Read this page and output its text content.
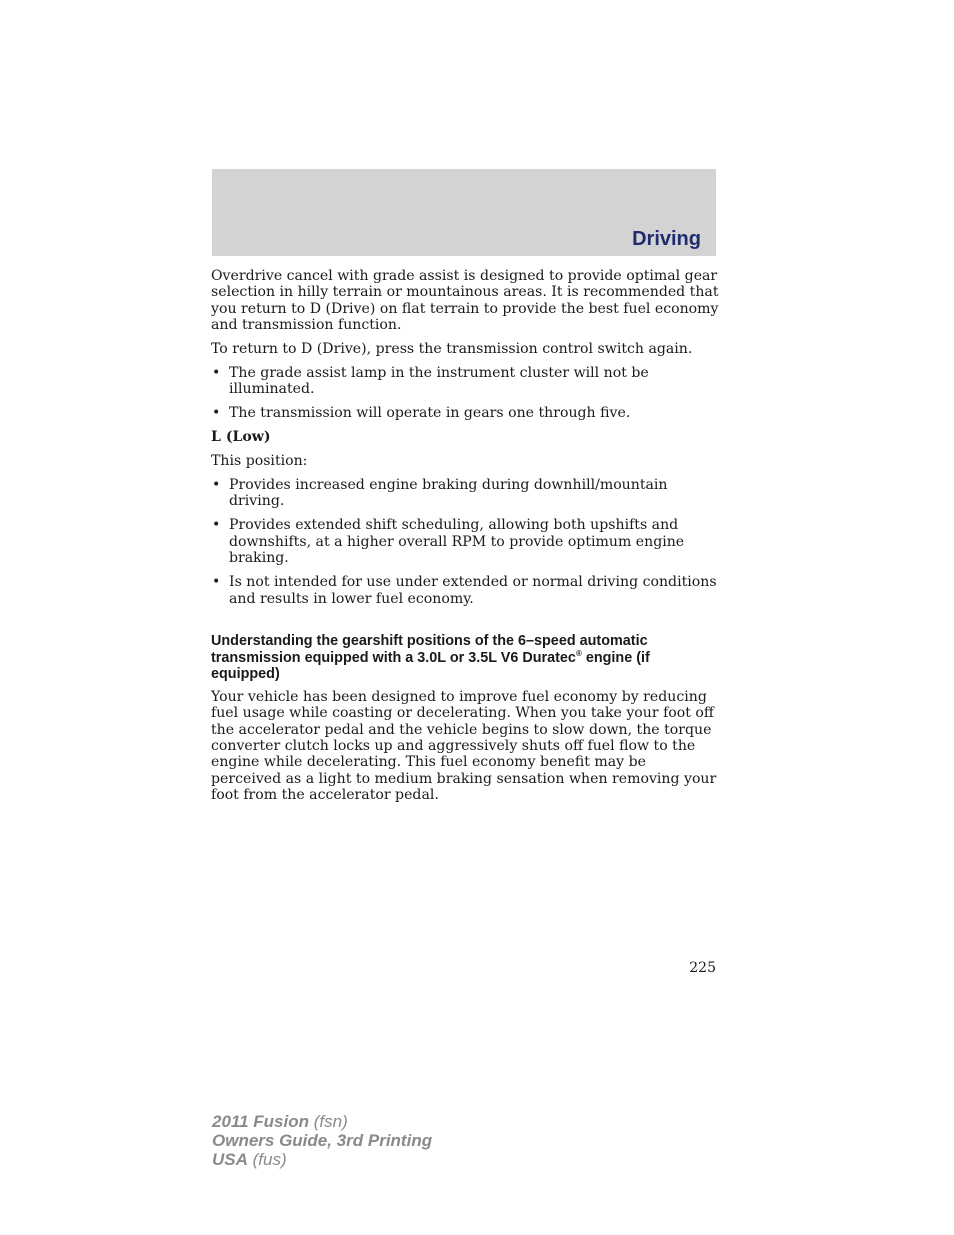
Driving

Overdrive cancel with grade assist is designed to provide optimal gear selection in hilly terrain or mountainous areas. It is recommended that you return to D (Drive) on flat terrain to provide the best fuel economy and transmission function.

To return to D (Drive), press the transmission control switch again.

• The grade assist lamp in the instrument cluster will not be illuminated.
• The transmission will operate in gears one through five.

L (Low)

This position:

• Provides increased engine braking during downhill/mountain driving.
• Provides extended shift scheduling, allowing both upshifts and downshifts, at a higher overall RPM to provide optimum engine braking.
• Is not intended for use under extended or normal driving conditions and results in lower fuel economy.
Understanding the gearshift positions of the 6–speed automatic transmission equipped with a 3.0L or 3.5L V6 Duratec® engine (if equipped)

Your vehicle has been designed to improve fuel economy by reducing fuel usage while coasting or decelerating. When you take your foot off the accelerator pedal and the vehicle begins to slow down, the torque converter clutch locks up and aggressively shuts off fuel flow to the engine while decelerating. This fuel economy benefit may be perceived as a light to medium braking sensation when removing your foot from the accelerator pedal.

225
2011 Fusion (fsn)
Owners Guide, 3rd Printing
USA (fus)
